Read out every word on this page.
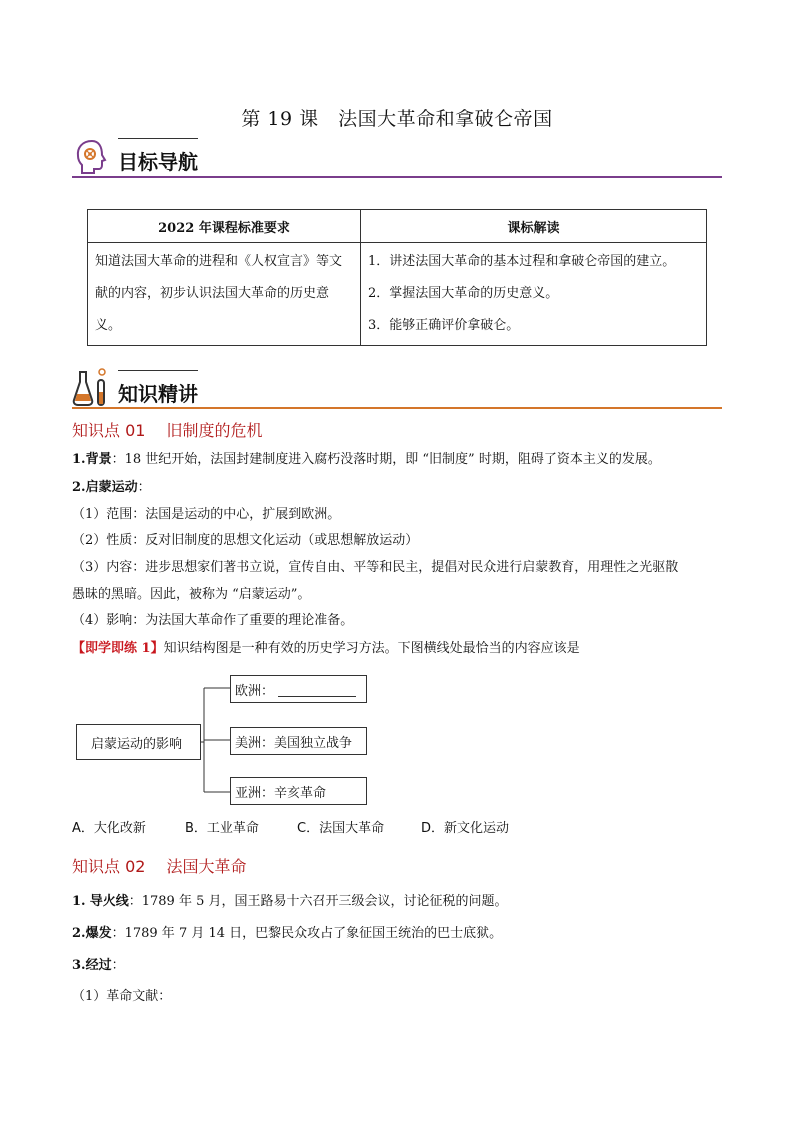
第 19 课　法国大革命和拿破仑帝国
目标导航
2022 年课程标准要求	课标解读

知道法国大革命的进程和《人权宣言》等文献的内容，初步认识法国大革命的历史意义。	1．讲述法国大革命的基本过程和拿破仑帝国的建立。
2．掌握法国大革命的历史意义。
3．能够正确评价拿破仑。
知识精讲
知识点 01　 旧制度的危机
1.背景：18 世纪开始，法国封建制度进入腐朽没落时期，即 “旧制度” 时期，阻碍了资本主义的发展。
2.启蒙运动：
（1）范围：法国是运动的中心，扩展到欧洲。
（2）性质：反对旧制度的思想文化运动（或思想解放运动）
（3）内容：进步思想家们著书立说，宣传自由、平等和民主，提倡对民众进行启蒙教育，用理性之光驱散
愚昧的黑暗。因此，被称为 “启蒙运动”。
（4）影响：为法国大革命作了重要的理论准备。
【即学即练 1】知识结构图是一种有效的历史学习方法。下图横线处最恰当的内容应该是
启蒙运动的影响
欧洲：
美洲：美国独立战争
亚洲：辛亥革命
A．大化改新	B．工业革命	C．法国大革命	D．新文化运动
知识点 02　 法国大革命
1. 导火线：1789 年 5 月，国王路易十六召开三级会议，讨论征税的问题。
2.爆发：1789 年 7 月 14 日，巴黎民众攻占了象征国王统治的巴士底狱。
3.经过：
（1）革命文献：
